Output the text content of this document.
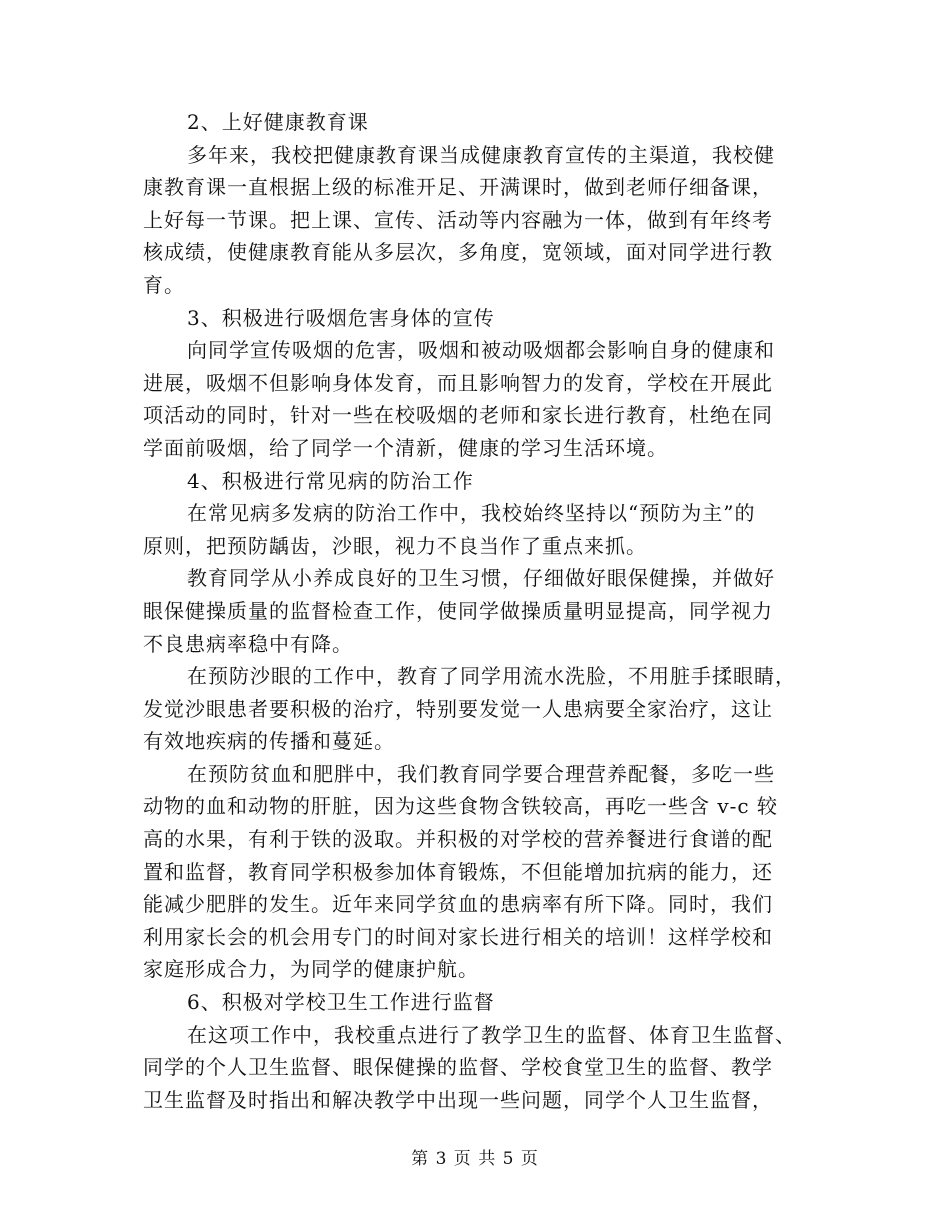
2、上好健康教育课
多年来，我校把健康教育课当成健康教育宣传的主渠道，我校健
康教育课一直根据上级的标准开足、开满课时，做到老师仔细备课，
上好每一节课。把上课、宣传、活动等内容融为一体，做到有年终考
核成绩，使健康教育能从多层次，多角度，宽领域，面对同学进行教
育。
3、积极进行吸烟危害身体的宣传
向同学宣传吸烟的危害，吸烟和被动吸烟都会影响自身的健康和
进展，吸烟不但影响身体发育，而且影响智力的发育，学校在开展此
项活动的同时，针对一些在校吸烟的老师和家长进行教育，杜绝在同
学面前吸烟，给了同学一个清新，健康的学习生活环境。
4、积极进行常见病的防治工作
在常见病多发病的防治工作中，我校始终坚持以“预防为主”的
原则，把预防龋齿，沙眼，视力不良当作了重点来抓。
教育同学从小养成良好的卫生习惯，仔细做好眼保健操，并做好
眼保健操质量的监督检查工作，使同学做操质量明显提高，同学视力
不良患病率稳中有降。
在预防沙眼的工作中，教育了同学用流水洗脸，不用脏手揉眼睛，
发觉沙眼患者要积极的治疗，特别要发觉一人患病要全家治疗，这让
有效地疾病的传播和蔓延。
在预防贫血和肥胖中，我们教育同学要合理营养配餐，多吃一些
动物的血和动物的肝脏，因为这些食物含铁较高，再吃一些含 v-c 较
高的水果，有利于铁的汲取。并积极的对学校的营养餐进行食谱的配
置和监督，教育同学积极参加体育锻炼，不但能增加抗病的能力，还
能减少肥胖的发生。近年来同学贫血的患病率有所下降。同时，我们
利用家长会的机会用专门的时间对家长进行相关的培训！这样学校和
家庭形成合力，为同学的健康护航。
6、积极对学校卫生工作进行监督
在这项工作中，我校重点进行了教学卫生的监督、体育卫生监督、
同学的个人卫生监督、眼保健操的监督、学校食堂卫生的监督、教学
卫生监督及时指出和解决教学中出现一些问题，同学个人卫生监督，
第 3 页 共 5 页
